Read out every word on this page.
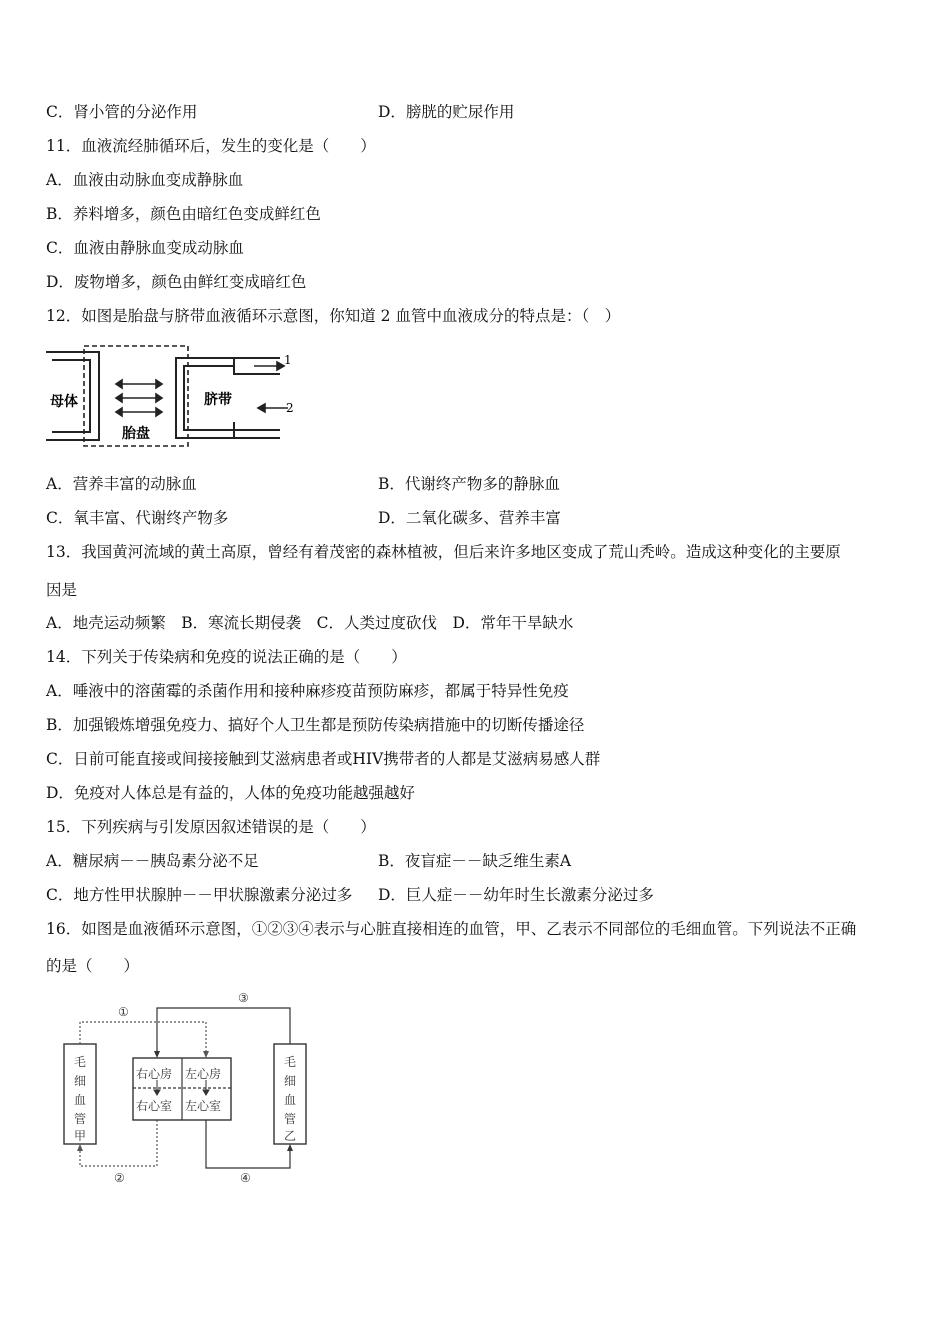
C．肾小管的分泌作用	D．膀胱的贮尿作用
11．血液流经肺循环后，发生的变化是（　　）
A．血液由动脉血变成静脉血
B．养料增多，颜色由暗红色变成鲜红色
C．血液由静脉血变成动脉血
D．废物增多，颜色由鲜红变成暗红色
12．如图是胎盘与脐带血液循环示意图，你知道 2 血管中血液成分的特点是：（　）
母体
胎盘
脐带
1
2
A．营养丰富的动脉血	B．代谢终产物多的静脉血
C．氧丰富、代谢终产物多	D．二氧化碳多、营养丰富
13．我国黄河流域的黄土高原，曾经有着茂密的森林植被，但后来许多地区变成了荒山秃岭。造成这种变化的主要原
因是
A．地壳运动频繁　B．寒流长期侵袭　C．人类过度砍伐　D．常年干旱缺水
14．下列关于传染病和免疫的说法正确的是（　　）
A．唾液中的溶菌霉的杀菌作用和接种麻疹疫苗预防麻疹，都属于特异性免疫
B．加强锻炼增强免疫力、搞好个人卫生都是预防传染病措施中的切断传播途径
C．日前可能直接或间接接触到艾滋病患者或HIV携带者的人都是艾滋病易感人群
D．免疫对人体总是有益的，人体的免疫功能越强越好
15．下列疾病与引发原因叙述错误的是（　　）
A．糖尿病－－胰岛素分泌不足	B．夜盲症－－缺乏维生素A
C．地方性甲状腺肿－－甲状腺激素分泌过多 D．巨人症－－幼年时生长激素分泌过多
16．如图是血液循环示意图，①②③④表示与心脏直接相连的血管，甲、乙表示不同部位的毛细血管。下列说法不正确
的是（　　）
①
③
②	④
右心房 左心房
右心室 左心室
毛
细
血
管
甲
毛
细
血
管
乙
